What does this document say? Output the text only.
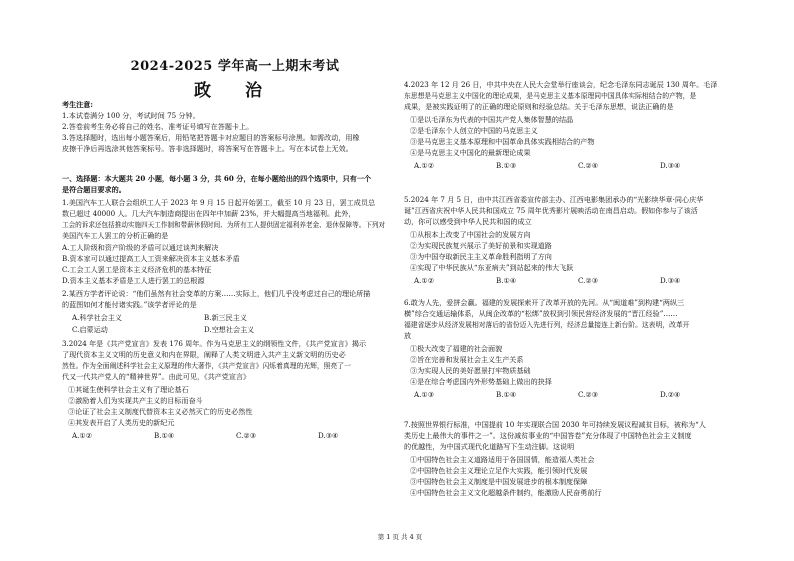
2024-2025 学年高一上期末考试
政 治
考生注意:
1.本试卷满分 100 分，考试时间 75 分钟。
2.答卷前考生务必将自己的姓名、准考证号填写在答题卡上。
3.答选择题时，选出每小题答案后，用铅笔把答题卡对应题目的答案标号涂黑。如需改动，用橡
皮擦干净后再选涂其他答案标号。答非选择题时，将答案写在答题卡上。写在本试卷上无效。
一、选择题：本大题共 20 小题，每小题 3 分，共 60 分，在每小题给出的四个选项中，只有一个
是符合题目要求的。
1.美国汽车工人联合会组织工人于 2023 年 9 月 15 日起开始罢工，截至 10 月 23 日，罢工成员总
数已超过 40000 人。几大汽车制造商提出在四年中加薪 23%，并大幅提高当地福利。此外，
工会的诉求还包括推动实施四天工作制和带薪休假时间、为所有工人提供固定福利养老金、退休保障等。下列对
美国汽车工人罢工的分析正确的是
A.工人阶级和资产阶级的矛盾可以通过谈判来解决
B.资本家可以通过提高工人工资来解决资本主义基本矛盾
C.工会工人罢工是资本主义经济危机的基本特征
D.资本主义基本矛盾是工人进行罢工的总根源
2.某西方学者评论说：“他们虽然有社会变革的方案……实际上，他们几乎没考虑过自己的理论所描
的蓝图如何才能付诸实践。”该学者评论的是
A.科学社会主义	B.新三民主义
C.启蒙运动	D.空想社会主义
3.2024 年是《共产党宣言》发表 176 周年。作为马克思主义的纲领性文件，《共产党宣言》揭示
了现代资本主义文明的历史意义和内在界限，阐释了人类文明进入共产主义新文明的历史必
然性。作为全面阐述科学社会主义原理的伟大著作，《共产党宣言》闪烁着真理的光辉，照亮了一
代又一代共产党人的“精神世界”。由此可见，《共产党宣言》
①其诞生使科学社会主义有了理论基石
②激励着人们为实现共产主义的目标而奋斗
③论证了社会主义制度代替资本主义必然灭亡的历史必然性
④其发表开启了人类历史的新纪元
A.①②	B.①④	C.②③	D.③④
4.2023 年 12 月 26 日，中共中央在人民大会堂举行座谈会，纪念毛泽东同志诞辰 130 周年。毛泽
东思想是马克思主义中国化的理论成果，是马克思主义基本原理同中国具体实际相结合的产物，是
成果，是被实践证明了的正确的理论原则和经验总结。关于毛泽东思想，说法正确的是
①是以毛泽东为代表的中国共产党人集体智慧的结晶
②是毛泽东个人创立的中国的马克思主义
③是马克思主义基本原理和中国革命具体实践相结合的产物
④是马克思主义中国化的最新理论成果
A.①②	B.①③	C.②④	D.③④
5.2024 年 7 月 5 日，由中共江西省委宣传部主办、江西电影集团承办的“光影续华章·同心庆华
诞”江西省庆祝中华人民共和国成立 75 周年优秀影片展映活动在南昌启动。假如你参与了该活
动，你可以感受到中华人民共和国的成立
①从根本上改变了中国社会的发展方向
②为实现民族复兴展示了美好前景和实现道路
③为中国夺取新民主主义革命胜利指明了方向
④实现了中华民族从“东亚病夫”到站起来的伟大飞跃
A.①②	B.①④	C.②③	D.③④
6.敢为人先，爱拼会赢。福建的发展探索开了改革开放的先河。从“闽道难”到构建“两纵三
横”综合交通运输体系，从闽企改革的“松绑”放权到引领民营经济发展的“晋江经验”……
福建省逐步从经济发展相对落后的省份迈入先进行列，经济总量接连上新台阶。这表明，改革开
放
①极大改变了福建的社会面貌
②旨在完善和发展社会主义生产关系
③为实现人民的美好愿景打牢物质基础
④是在综合考虑国内外形势基础上做出的抉择
A.①③	B.①④	C.②③	D.②④
7.按照世界银行标准，中国提前 10 年实现联合国 2030 年可持续发展议程减贫目标，被称为“人
类历史上最伟大的事件之一”。这份减贫事业的“中国答卷”充分体现了中国特色社会主义制度
的优越性，为中国式现代化道路写下生动注脚。这说明
①中国特色社会主义道路适用于各国国情，能造福人类社会
②中国特色社会主义理论立足作大实践，能引领时代发展
③中国特色社会主义制度是中国发展进步的根本制度保障
④中国特色社会主义文化超越条件制约，能激励人民奋勇前行
第 1 页 共 4 页
